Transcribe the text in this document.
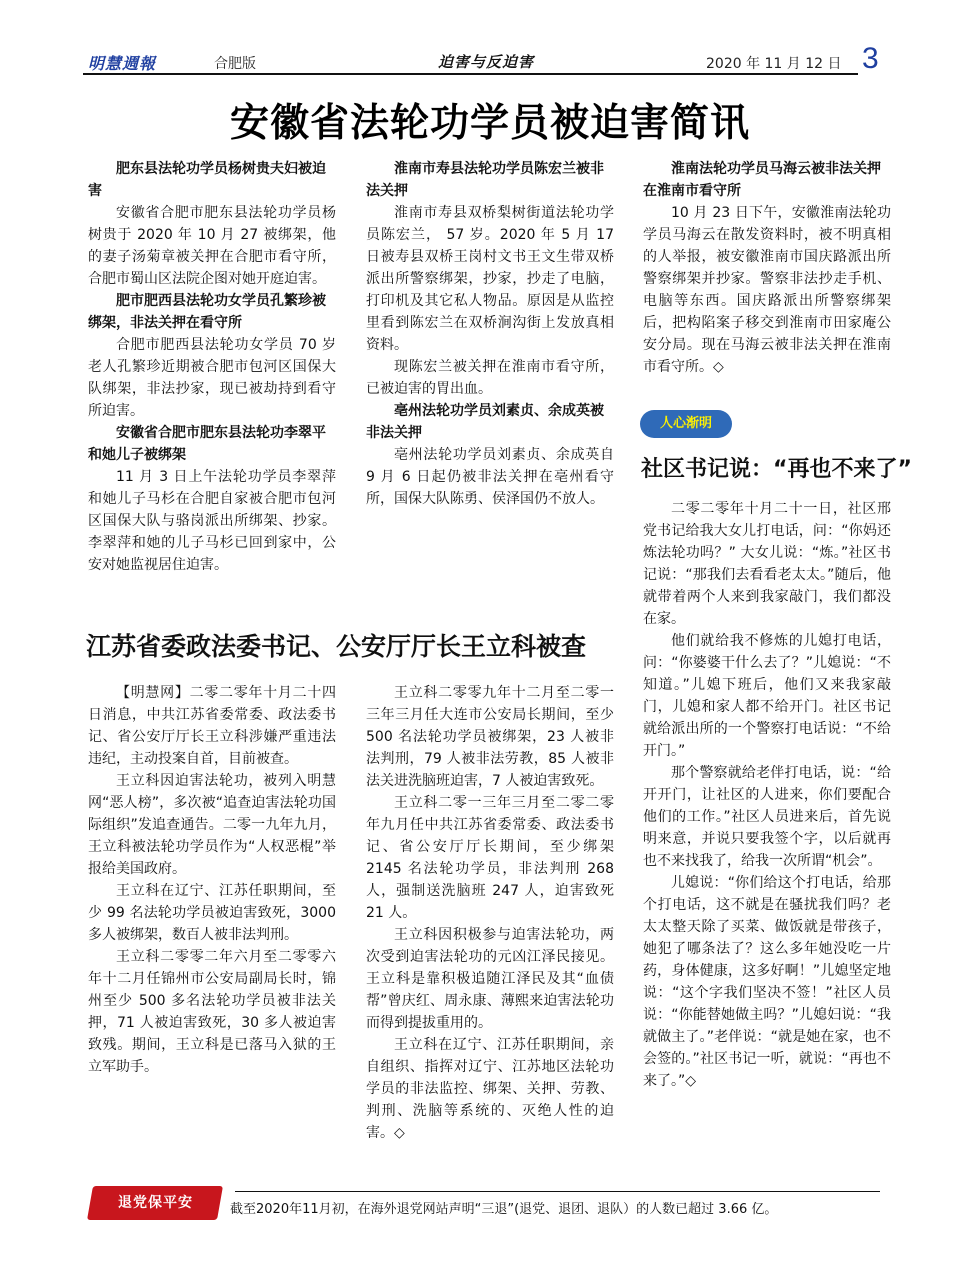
明慧週報	合肥版	迫害与反迫害	2020 年 11 月 12 日 3
安徽省法轮功学员被迫害简讯
肥东县法轮功学员杨树贵夫妇被迫害

安徽省合肥市肥东县法轮功学员杨树贵于 2020 年 10 月 27 被绑架，他的妻子汤菊章被关押在合肥市看守所，合肥市蜀山区法院企图对她开庭迫害。

肥市肥西县法轮功女学员孔繁珍被绑架，非法关押在看守所

合肥市肥西县法轮功女学员 70 岁老人孔繁珍近期被合肥市包河区国保大队绑架，非法抄家，现已被劫持到看守所迫害。

安徽省合肥市肥东县法轮功李翠平和她儿子被绑架

11 月 3 日上午法轮功学员李翠萍和她儿子马杉在合肥自家被合肥市包河区国保大队与骆岗派出所绑架、抄家。李翠萍和她的儿子马杉已回到家中，公安对她监视居住迫害。

淮南市寿县法轮功学员陈宏兰被非法关押

淮南市寿县双桥梨树街道法轮功学员陈宏兰， 57 岁。2020 年 5 月 17 日被寿县双桥王岗村文书王文生带双桥派出所警察绑架，抄家，抄走了电脑，打印机及其它私人物品。原因是从监控里看到陈宏兰在双桥涧沟街上发放真相资料。

现陈宏兰被关押在淮南市看守所，已被迫害的胃出血。

亳州法轮功学员刘素贞、余成英被非法关押

亳州法轮功学员刘素贞、余成英自 9 月 6 日起仍被非法关押在亳州看守所，国保大队陈勇、侯泽国仍不放人。

淮南法轮功学员马海云被非法关押在淮南市看守所

10 月 23 日下午，安徽淮南法轮功学员马海云在散发资料时，被不明真相的人举报，被安徽淮南市国庆路派出所警察绑架并抄家。警察非法抄走手机、电脑等东西。国庆路派出所警察绑架后，把构陷案子移交到淮南市田家庵公安分局。现在马海云被非法关押在淮南市看守所。◇

江苏省委政法委书记、公安厅厅长王立科被查

【明慧网】二零二零年十月二十四日消息，中共江苏省委常委、政法委书记、省公安厅厅长王立科涉嫌严重违法违纪，主动投案自首，目前被查。

王立科因迫害法轮功，被列入明慧网“恶人榜”，多次被“追查迫害法轮功国际组织”发追查通告。二零一九年九月，王立科被法轮功学员作为“人权恶棍”举报给美国政府。

王立科在辽宁、江苏任职期间，至少 99 名法轮功学员被迫害致死，3000 多人被绑架，数百人被非法判刑。

王立科二零零二年六月至二零零六年十二月任锦州市公安局副局长时，锦州至少 500 多名法轮功学员被非法关押，71 人被迫害致死，30 多人被迫害致残。期间，王立科是已落马入狱的王立军助手。

王立科二零零九年十二月至二零一三年三月任大连市公安局长期间，至少 500 名法轮功学员被绑架，23 人被非法判刑，79 人被非法劳教，85 人被非法关进洗脑班迫害，7 人被迫害致死。

王立科二零一三年三月至二零二零年九月任中共江苏省委常委、政法委书记、省公安厅厅长期间，至少绑架 2145 名法轮功学员，非法判刑 268 人，强制送洗脑班 247 人，迫害致死 21 人。

王立科因积极参与迫害法轮功，两次受到迫害法轮功的元凶江泽民接见。王立科是靠积极追随江泽民及其“血债帮”曾庆红、周永康、薄熙来迫害法轮功而得到提拔重用的。

王立科在辽宁、江苏任职期间，亲自组织、指挥对辽宁、江苏地区法轮功学员的非法监控、绑架、关押、劳教、判刑、洗脑等系统的、灭绝人性的迫害。◇

人心渐明
社区书记说：“再也不来了”

二零二零年十月二十一日，社区邢党书记给我大女儿打电话，问：“你妈还炼法轮功吗？” 大女儿说：“炼。”社区书记说：“那我们去看看老太太。”随后，他就带着两个人来到我家敲门，我们都没在家。

他们就给我不修炼的儿媳打电话，问：“你婆婆干什么去了？”儿媳说：“不知道。”儿媳下班后，他们又来我家敲门，儿媳和家人都不给开门。社区书记就给派出所的一个警察打电话说：“不给开门。”

那个警察就给老伴打电话，说：“给开开门，让社区的人进来，你们要配合他们的工作。”社区人员进来后，首先说明来意，并说只要我签个字，以后就再也不来找我了，给我一次所谓“机会”。

儿媳说：“你们给这个打电话，给那个打电话，这不就是在骚扰我们吗？老太太整天除了买菜、做饭就是带孩子，她犯了哪条法了？这么多年她没吃一片药，身体健康，这多好啊！”儿媳坚定地说：“这个字我们坚决不签！”社区人员说：“你能替她做主吗？”儿媳妇说：“我就做主了。”老伴说：“就是她在家，也不会签的。”社区书记一听，就说：“再也不来了。”◇

退党保平安	截至2020年11月初，在海外退党网站声明“三退”(退党、退团、退队）的人数已超过 3.66 亿。
